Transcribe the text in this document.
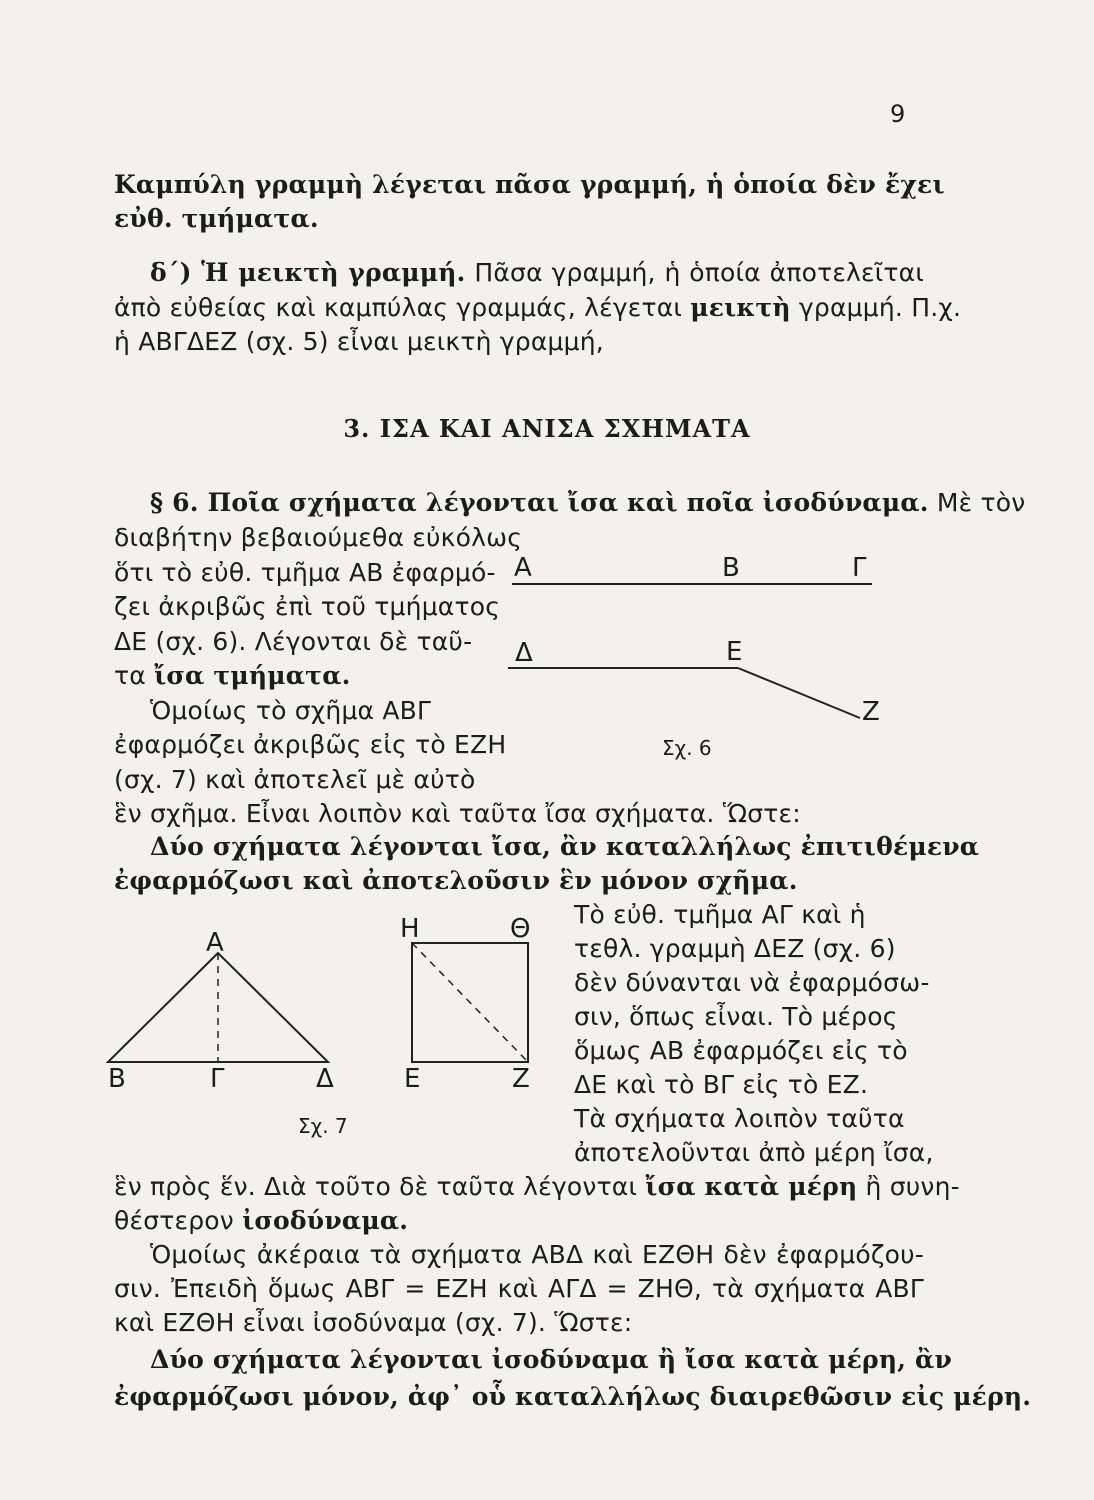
9
Καμπύλη γραμμὴ λέγεται πᾶσα γραμμή, ἡ ὁποία δὲν ἔχει
εὐθ. τμήματα.
δ΄) Ἡ μεικτὴ γραμμή. Πᾶσα γραμμή, ἡ ὁποία ἀποτελεῖται
ἀπὸ εὐθείας καὶ καμπύλας γραμμάς, λέγεται μεικτὴ γραμμή. Π.χ.
ἡ ΑΒΓΔΕΖ (σχ. 5) εἶναι μεικτὴ γραμμή,
3. ΙΣΑ ΚΑΙ ΑΝΙΣΑ ΣΧΗΜΑΤΑ
§ 6. Ποῖα σχήματα λέγονται ἴσα καὶ ποῖα ἰσοδύναμα. Μὲ τὸν
διαβήτην βεβαιούμεθα εὐκόλως
ὅτι τὸ εὐθ. τμῆμα ΑΒ ἐφαρμό-
ζει ἀκριβῶς ἐπὶ τοῦ τμήματος
ΔΕ (σχ. 6). Λέγονται δὲ ταῦ-
τα ἴσα τμήματα.
Ὁμοίως τὸ σχῆμα ΑΒΓ
ἐφαρμόζει ἀκριβῶς εἰς τὸ ΕΖΗ
(σχ. 7) καὶ ἀποτελεῖ μὲ αὐτὸ
ἓν σχῆμα. Εἶναι λοιπὸν καὶ ταῦτα ἴσα σχήματα. Ὥστε:
Δύο σχήματα λέγονται ἴσα, ἂν καταλλήλως ἐπιτιθέμενα
ἐφαρμόζωσι καὶ ἀποτελοῦσιν ἓν μόνον σχῆμα.
Τὸ εὐθ. τμῆμα ΑΓ καὶ ἡ
τεθλ. γραμμὴ ΔΕΖ (σχ. 6)
δὲν δύνανται νὰ ἐφαρμόσω-
σιν, ὅπως εἶναι. Τὸ μέρος
ὅμως ΑΒ ἐφαρμόζει εἰς τὸ
ΔΕ καὶ τὸ ΒΓ εἰς τὸ ΕΖ.
Τὰ σχήματα λοιπὸν ταῦτα
ἀποτελοῦνται ἀπὸ μέρη ἴσα,
ἓν πρὸς ἕν. Διὰ τοῦτο δὲ ταῦτα λέγονται ἴσα κατὰ μέρη ἢ συνη-
θέστερον ἰσοδύναμα.
Ὁμοίως ἀκέραια τὰ σχήματα ΑΒΔ καὶ ΕΖΘΗ δὲν ἐφαρμόζου-
σιν. Ἐπειδὴ ὅμως ΑΒΓ = ΕΖΗ καὶ ΑΓΔ = ΖΗΘ, τὰ σχήματα ΑΒΓ
καὶ ΕΖΘΗ εἶναι ἰσοδύναμα (σχ. 7). Ὥστε:
Δύο σχήματα λέγονται ἰσοδύναμα ἢ ἴσα κατὰ μέρη, ἂν
ἐφαρμόζωσι μόνον, ἀφ᾿ οὗ καταλλήλως διαιρεθῶσιν εἰς μέρη.
Α	Β	Γ
Δ	Ε
Ζ
Σχ. 6
Α
Β	Γ	Δ
Η	Θ
Ε	Ζ
Σχ. 7
